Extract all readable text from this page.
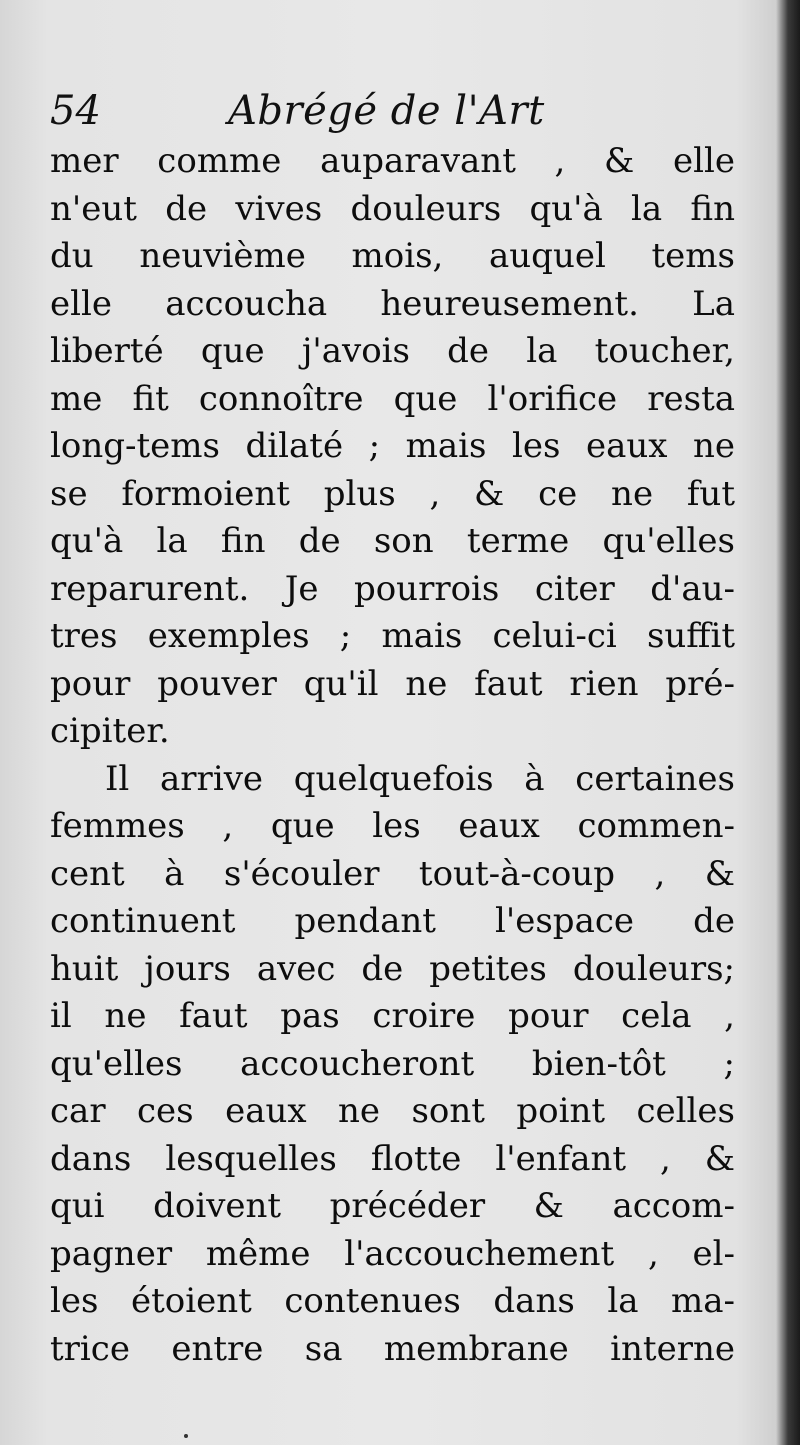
54	Abrégé de l'Art
mer comme auparavant , & elle
n'eut de vives douleurs qu'à la fin
du neuvième mois, auquel tems
elle accoucha heureusement. La
liberté que j'avois de la toucher,
me fit connoître que l'orifice resta
long-tems dilaté ; mais les eaux ne
se formoient plus , & ce ne fut
qu'à la fin de son terme qu'elles
reparurent. Je pourrois citer d'au-
tres exemples ; mais celui-ci suffit
pour pouver qu'il ne faut rien pré-
cipiter.
Il arrive quelquefois à certaines
femmes , que les eaux commen-
cent à s'écouler tout-à-coup , &
continuent pendant l'espace de
huit jours avec de petites douleurs;
il ne faut pas croire pour cela ,
qu'elles accoucheront bien-tôt ;
car ces eaux ne sont point celles
dans lesquelles flotte l'enfant , &
qui doivent précéder & accom-
pagner même l'accouchement , el-
les étoient contenues dans la ma-
trice entre sa membrane interne
